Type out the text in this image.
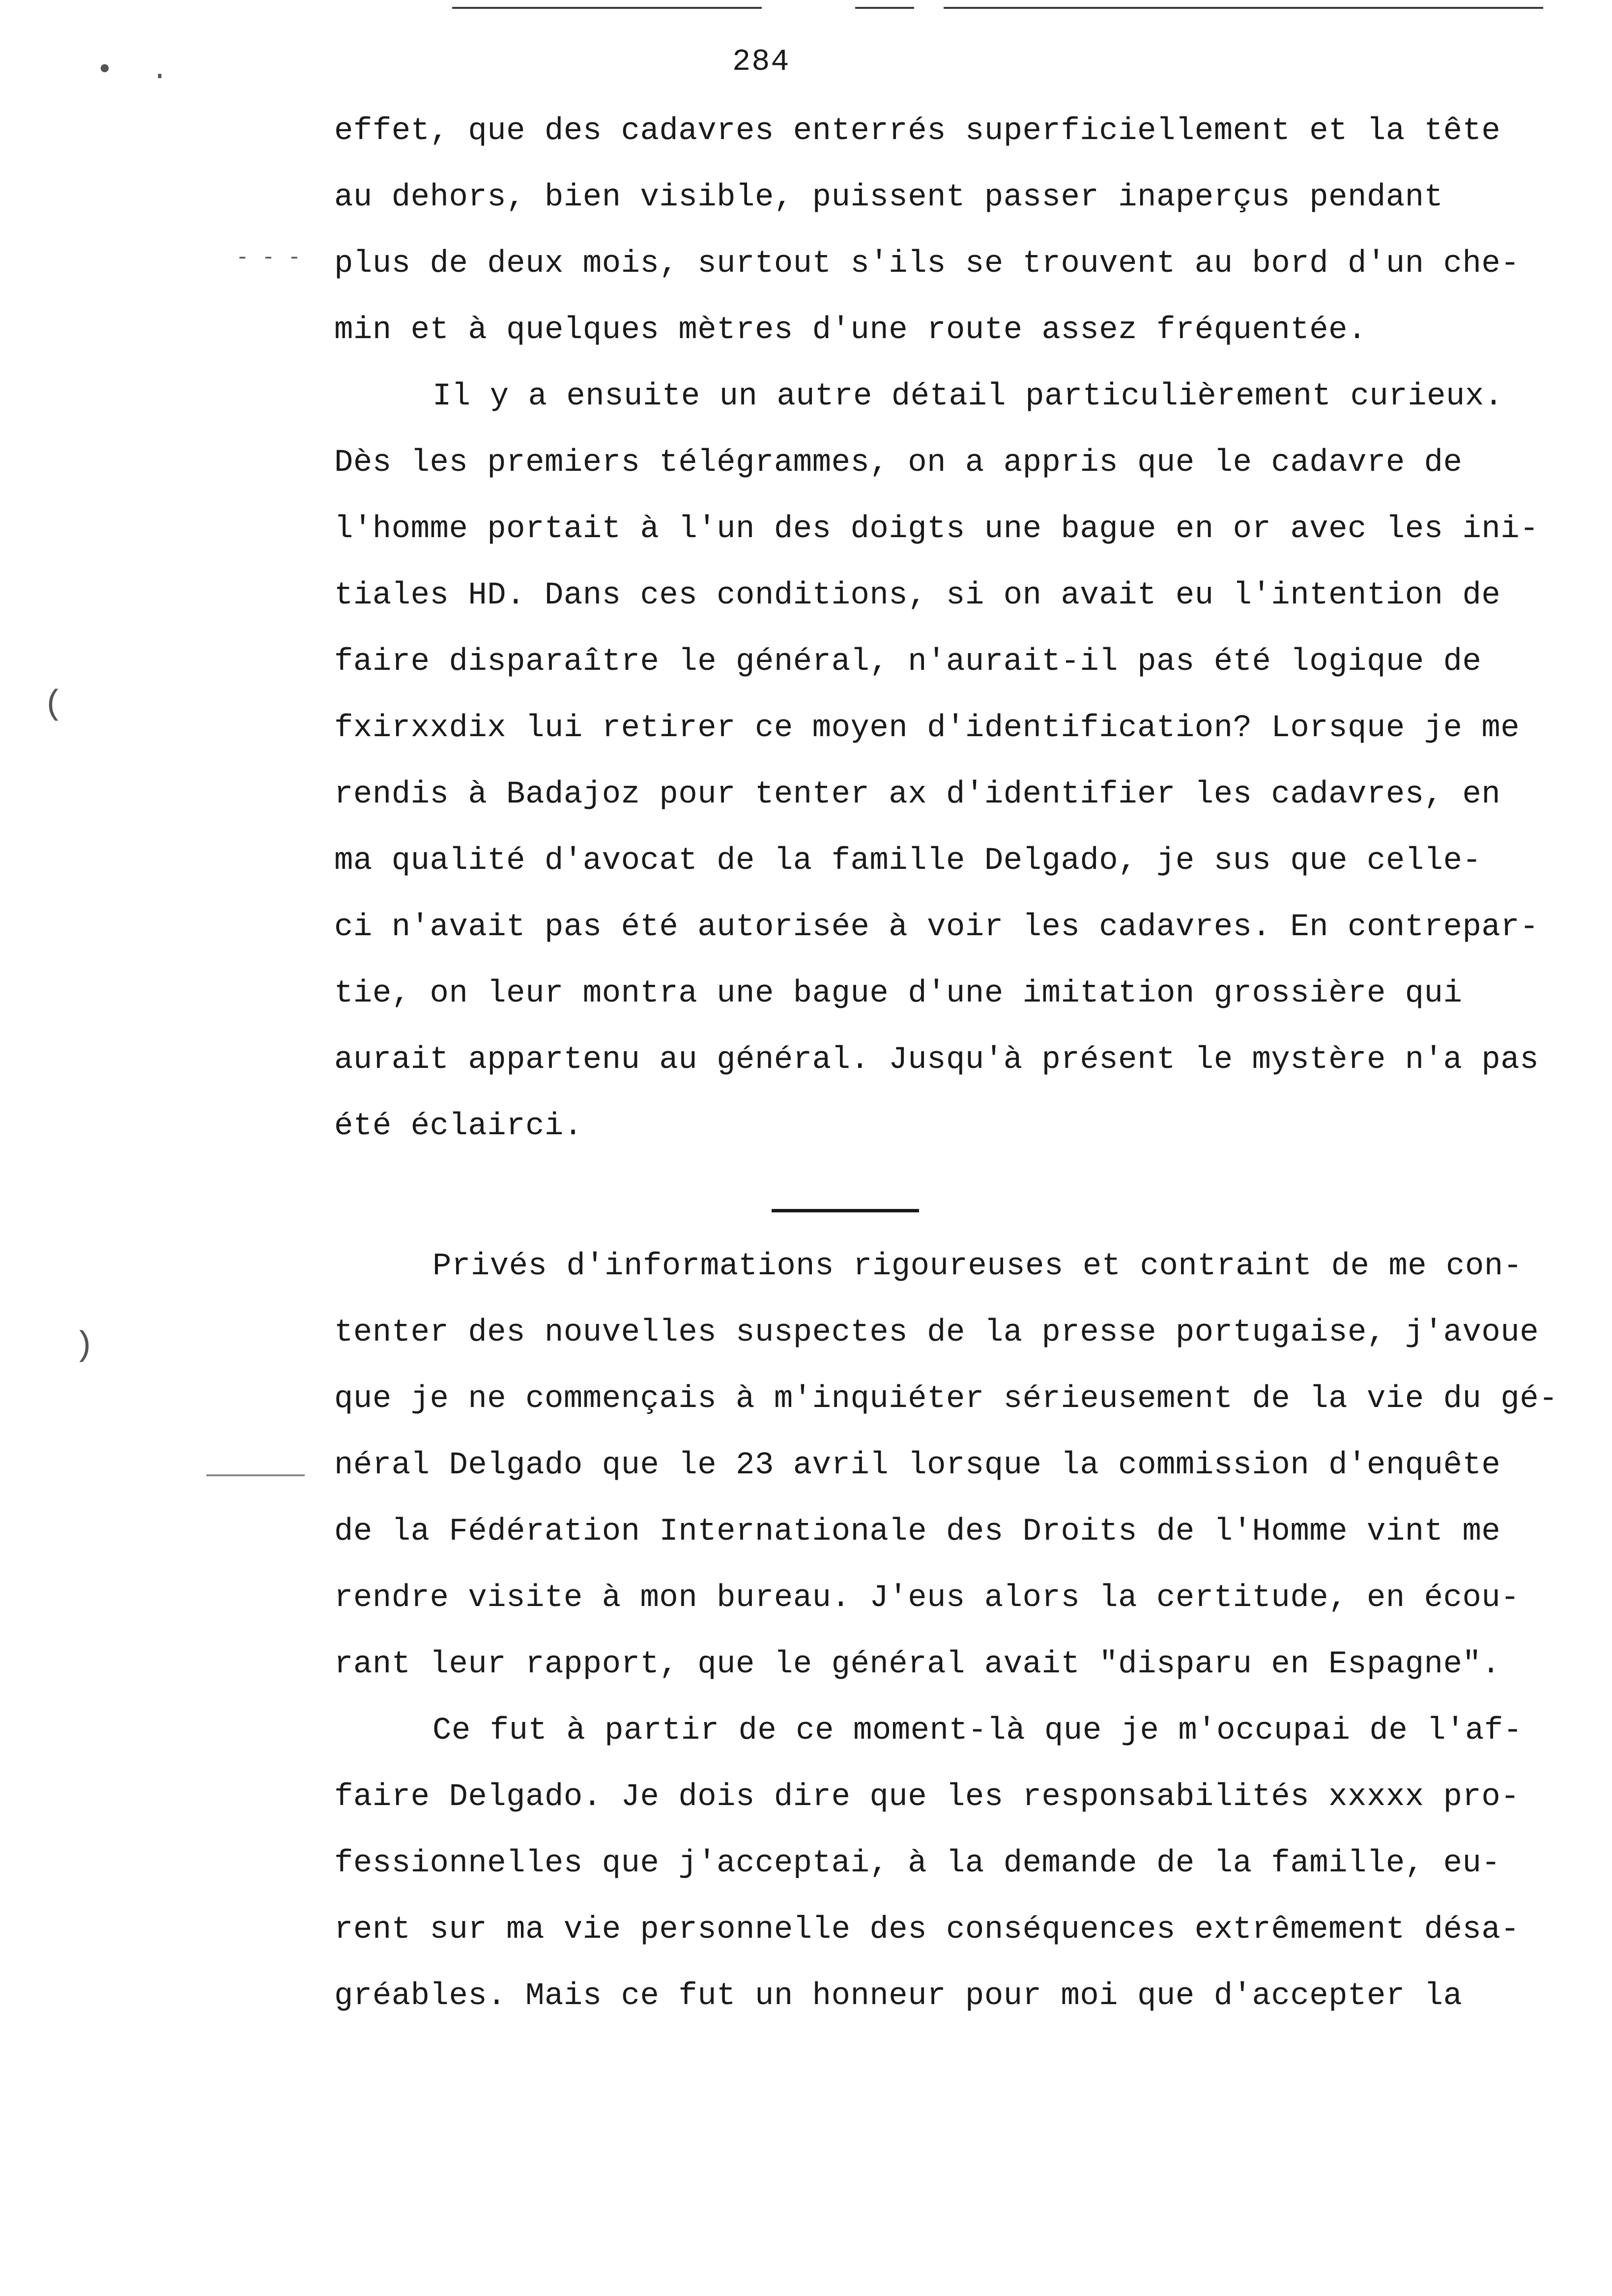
284
• .
- - -
(
)
effet, que des cadavres enterrés superficiellement et la tête
au dehors, bien visible, puissent passer inaperçus pendant
plus de deux mois, surtout s'ils se trouvent au bord d'un che-
min et à quelques mètres d'une route assez fréquentée.
Il y a ensuite un autre détail particulièrement curieux.
Dès les premiers télégrammes, on a appris que le cadavre de
l'homme portait à l'un des doigts une bague en or avec les ini-
tiales HD. Dans ces conditions, si on avait eu l'intention de
faire disparaître le général, n'aurait-il pas été logique de
fxirxxdix lui retirer ce moyen d'identification? Lorsque je me
rendis à Badajoz pour tenter ax d'identifier les cadavres, en
ma qualité d'avocat de la famille Delgado, je sus que celle-
ci n'avait pas été autorisée à voir les cadavres. En contrepar-
tie, on leur montra une bague d'une imitation grossière qui
aurait appartenu au général. Jusqu'à présent le mystère n'a pas
été éclairci.
Privés d'informations rigoureuses et contraint de me con-
tenter des nouvelles suspectes de la presse portugaise, j'avoue
que je ne commençais à m'inquiéter sérieusement de la vie du gé-
néral Delgado que le 23 avril lorsque la commission d'enquête
de la Fédération Internationale des Droits de l'Homme vint me
rendre visite à mon bureau. J'eus alors la certitude, en écou-
rant leur rapport, que le général avait "disparu en Espagne".
Ce fut à partir de ce moment-là que je m'occupai de l'af-
faire Delgado. Je dois dire que les responsabilités xxxxx pro-
fessionnelles que j'acceptai, à la demande de la famille, eu-
rent sur ma vie personnelle des conséquences extrêmement désa-
gréables. Mais ce fut un honneur pour moi que d'accepter la
